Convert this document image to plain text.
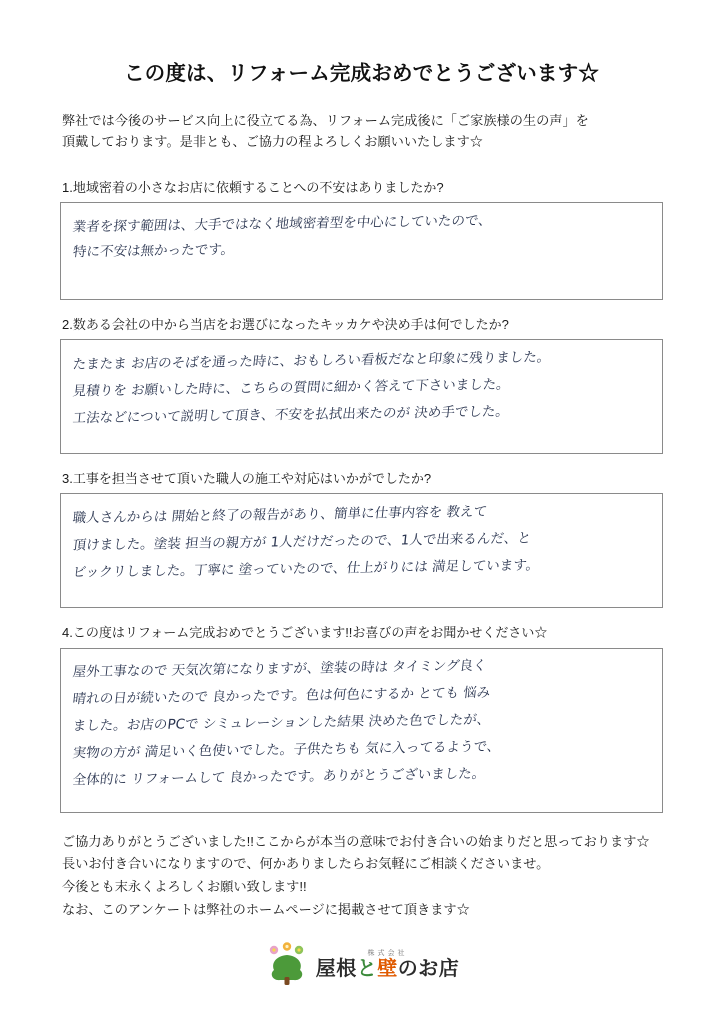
この度は、リフォーム完成おめでとうございます☆
弊社では今後のサービス向上に役立てる為、リフォーム完成後に「ご家族様の生の声」を
頂戴しております。是非とも、ご協力の程よろしくお願いいたします☆
1.地域密着の小さなお店に依頼することへの不安はありましたか?
業者を探す範囲は、大手ではなく地域密着型を中心にしていたので、
特に不安は無かったです。
2.数ある会社の中から当店をお選びになったキッカケや決め手は何でしたか?
たまたま お店のそばを通った時に、おもしろい看板だなと印象に残りました。
見積りを お願いした時に、こちらの質問に細かく答えて下さいました。
工法などについて説明して頂き、不安を払拭出来たのが 決め手でした。
3.工事を担当させて頂いた職人の施工や対応はいかがでしたか?
職人さんからは 開始と終了の報告があり、簡単に仕事内容を 教えて
頂けました。塗装 担当の親方が 1人だけだったので、1人で出来るんだ、と
ビックリしました。丁寧に 塗っていたので、仕上がりには 満足しています。
4.この度はリフォーム完成おめでとうございます!!お喜びの声をお聞かせください☆
屋外工事なので 天気次第になりますが、塗装の時は タイミング良く
晴れの日が続いたので 良かったです。色は何色にするか とても 悩み
ました。お店のPCで シミュレーションした結果 決めた色でしたが、
実物の方が 満足いく色使いでした。子供たちも 気に入ってるようで、
全体的に リフォームして 良かったです。ありがとうございました。
ご協力ありがとうございました!!ここからが本当の意味でお付き合いの始まりだと思っております☆
長いお付き合いになりますので、何かありましたらお気軽にご相談くださいませ。
今後とも末永くよろしくお願い致します!!
なお、このアンケートは弊社のホームページに掲載させて頂きます☆
株式会社
屋根と壁のお店
